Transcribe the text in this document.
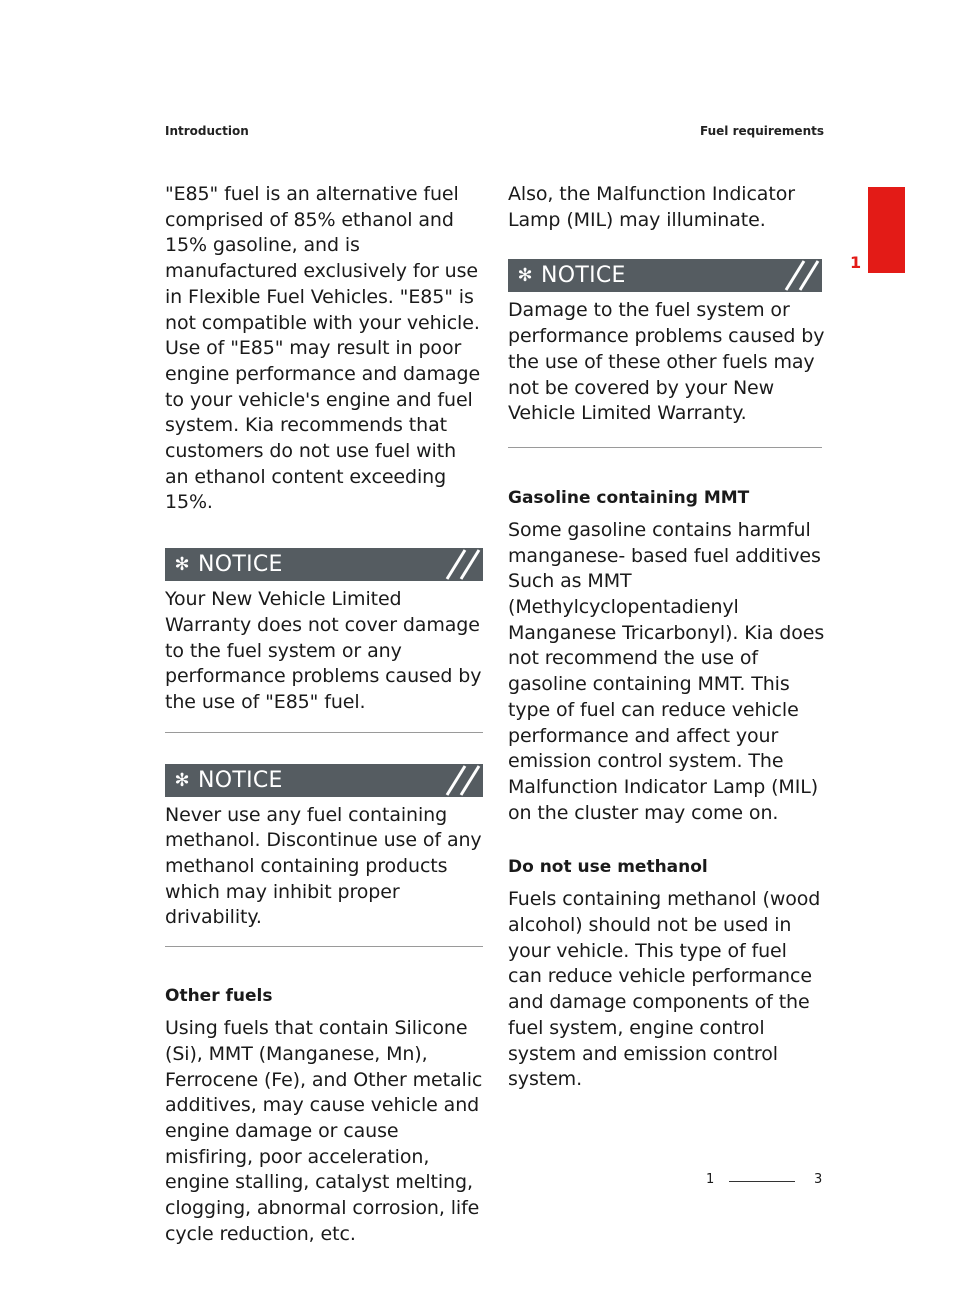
Introduction	Fuel requirements
1

"E85" fuel is an alternative fuel comprised of 85% ethanol and 15% gasoline, and is manufactured exclusively for use in Flexible Fuel Vehicles. "E85" is not compatible with your vehicle. Use of "E85" may result in poor engine performance and damage to your vehicle's engine and fuel system. Kia recommends that customers do not use fuel with an ethanol content exceeding 15%.

✻ NOTICE

Your New Vehicle Limited Warranty does not cover damage to the fuel system or any performance problems caused by the use of "E85" fuel.

✻ NOTICE

Never use any fuel containing methanol. Discontinue use of any methanol containing products which may inhibit proper drivability.

Other fuels

Using fuels that contain Silicone (Si), MMT (Manganese, Mn), Ferrocene (Fe), and Other metalic additives, may cause vehicle and engine damage or cause misfiring, poor acceleration, engine stalling, catalyst melting, clogging, abnormal corrosion, life cycle reduction, etc.

Also, the Malfunction Indicator Lamp (MIL) may illuminate.

✻ NOTICE

Damage to the fuel system or performance problems caused by the use of these other fuels may not be covered by your New Vehicle Limited Warranty.

Gasoline containing MMT

Some gasoline contains harmful manganese- based fuel additives Such as MMT (Methylcyclopentadienyl Manganese Tricarbonyl). Kia does not recommend the use of gasoline containing MMT. This type of fuel can reduce vehicle performance and affect your emission control system. The Malfunction Indicator Lamp (MIL) on the cluster may come on.

Do not use methanol

Fuels containing methanol (wood alcohol) should not be used in your vehicle. This type of fuel can reduce vehicle performance and damage components of the fuel system, engine control system and emission control system.

1	3
